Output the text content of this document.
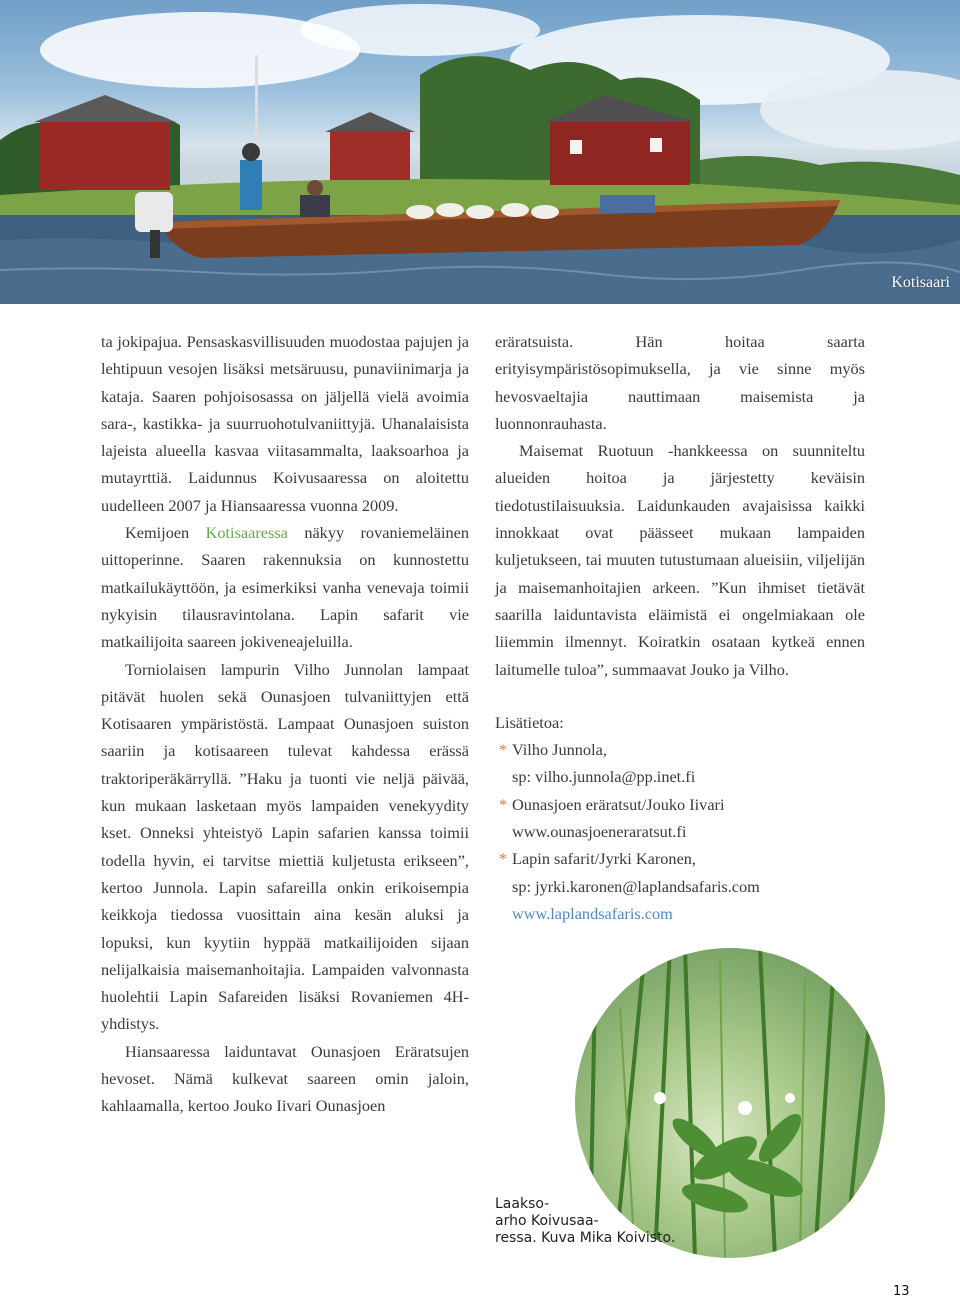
Kotisaari

ta jokipajua. Pensaskasvillisuuden muodostaa pajujen ja lehtipuun vesojen lisäksi metsäruusu, punaviinimarja ja kataja. Saaren pohjoisosassa on jäljellä vielä avoimia sara-, kastikka- ja suurruohotulvaniittyjä. Uhanalaisista lajeista alueella kasvaa viitasammalta, laaksoarhoa ja mutayrttiä. Laidunnus Koivusaaressa on aloitettu uudelleen 2007 ja Hiansaaressa vuonna 2009.

Kemijoen Kotisaaressa näkyy rovaniemeläinen uittoperinne. Saaren rakennuksia on kunnostettu matkailukäyttöön, ja esimerkiksi vanha venevaja toimii nykyisin tilausravintolana. Lapin safarit vie matkailijoita saareen jokiveneajeluilla.

Torniolaisen lampurin Vilho Junnolan lampaat pitävät huolen sekä Ounasjoen tulvaniittyjen että Kotisaaren ympäristöstä. Lampaat Ounasjoen suiston saariin ja kotisaareen tulevat kahdessa erässä traktoriperäkärryllä. ”Haku ja tuonti vie neljä päivää, kun mukaan lasketaan myös lampaiden venekyydity kset. Onneksi yhteistyö Lapin safarien kanssa toimii todella hyvin, ei tarvitse miettiä kuljetusta erikseen”, kertoo Junnola. Lapin safareilla onkin erikoisempia keikkoja tiedossa vuosittain aina kesän aluksi ja lopuksi, kun kyytiin hyppää matkailijoiden sijaan nelijalkaisia maisemanhoitajia. Lampaiden valvonnasta huolehtii Lapin Safareiden lisäksi Rovaniemen 4H-yhdistys.

Hiansaaressa laiduntavat Ounasjoen Eräratsujen hevoset. Nämä kulkevat saareen omin jaloin, kahlaamalla, kertoo Jouko Iivari Ounasjoen

eräratsuista. Hän hoitaa saarta erityisympäristösopimuksella, ja vie sinne myös hevosvaeltajia nauttimaan maisemista ja luonnonrauhasta.

Maisemat Ruotuun -hankkeessa on suunniteltu alueiden hoitoa ja järjestetty keväisin tiedotustilaisuuksia. Laidunkauden avajaisissa kaikki innokkaat ovat päässeet mukaan lampaiden kuljetukseen, tai muuten tutustumaan alueisiin, viljelijän ja maisemanhoitajien arkeen. ”Kun ihmiset tietävät saarilla laiduntavista eläimistä ei ongelmiakaan ole liiemmin ilmennyt. Koiratkin osataan kytkeä ennen laitumelle tuloa”, summaavat Jouko ja Vilho.

Lisätietoa:

* Vilho Junnola,

sp: vilho.junnola@pp.inet.fi

* Ounasjoen eräratsut/Jouko Iivari

www.ounasjoeneraratsut.fi

* Lapin safarit/Jyrki Karonen,

sp: jyrki.karonen@laplandsafaris.com

www.laplandsafaris.com

Laakso-
arho Koivusaa-
ressa. Kuva Mika Koivisto.
13
